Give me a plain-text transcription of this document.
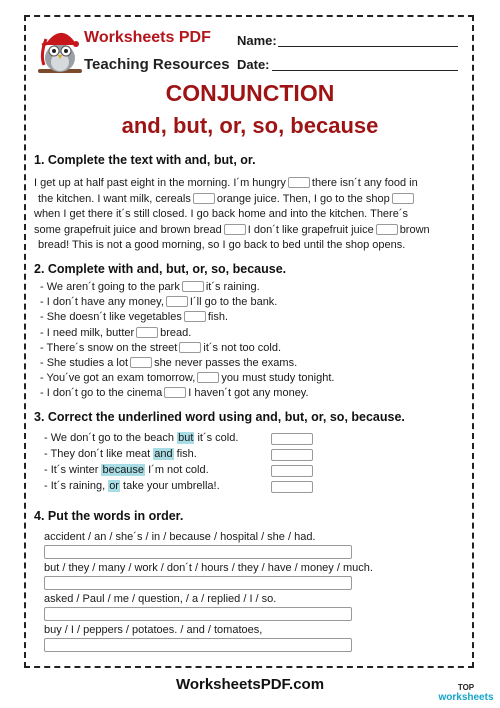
Worksheets PDF
Teaching Resources
Name:
Date:
CONJUNCTION
and, but, or, so, because
1. Complete the text with and, but, or.
I get up at half past eight in the morning. I´m hungry there isn´t any food in
the kitchen. I want milk, cereals orange juice. Then, I go to the shop
when I get there it´s still closed. I go back home and into the kitchen. There´s
some grapefruit juice and brown bread I don´t like grapefruit juice brown
bread! This is not a good morning, so I go back to bed until the shop opens.
2. Complete with and, but, or, so, because.
- We aren´t going to the park it´s raining.
- I don´t have any money, I´ll go to the bank.
- She doesn´t like vegetables fish.
- I need milk, butter bread.
- There´s snow on the street it´s not too cold.
- She studies a lot she never passes the exams.
- You´ve got an exam tomorrow, you must study tonight.
- I don´t go to the cinema I haven´t got any money.
3. Correct the underlined word using and, but, or, so, because.
- We don´t go to the beach but it´s cold.
- They don´t like meat and fish.
- It´s winter because I´m not cold.
- It´s raining, or take your umbrella!.
4. Put the words in order.
accident / an / she´s / in / because / hospital / she / had.
but / they / many / work / don´t / hours / they / have / money / much.
asked / Paul / me / question, / a / replied / I / so.
buy / I / peppers / potatoes. / and / tomatoes,
WorksheetsPDF.com	TOP
worksheets
